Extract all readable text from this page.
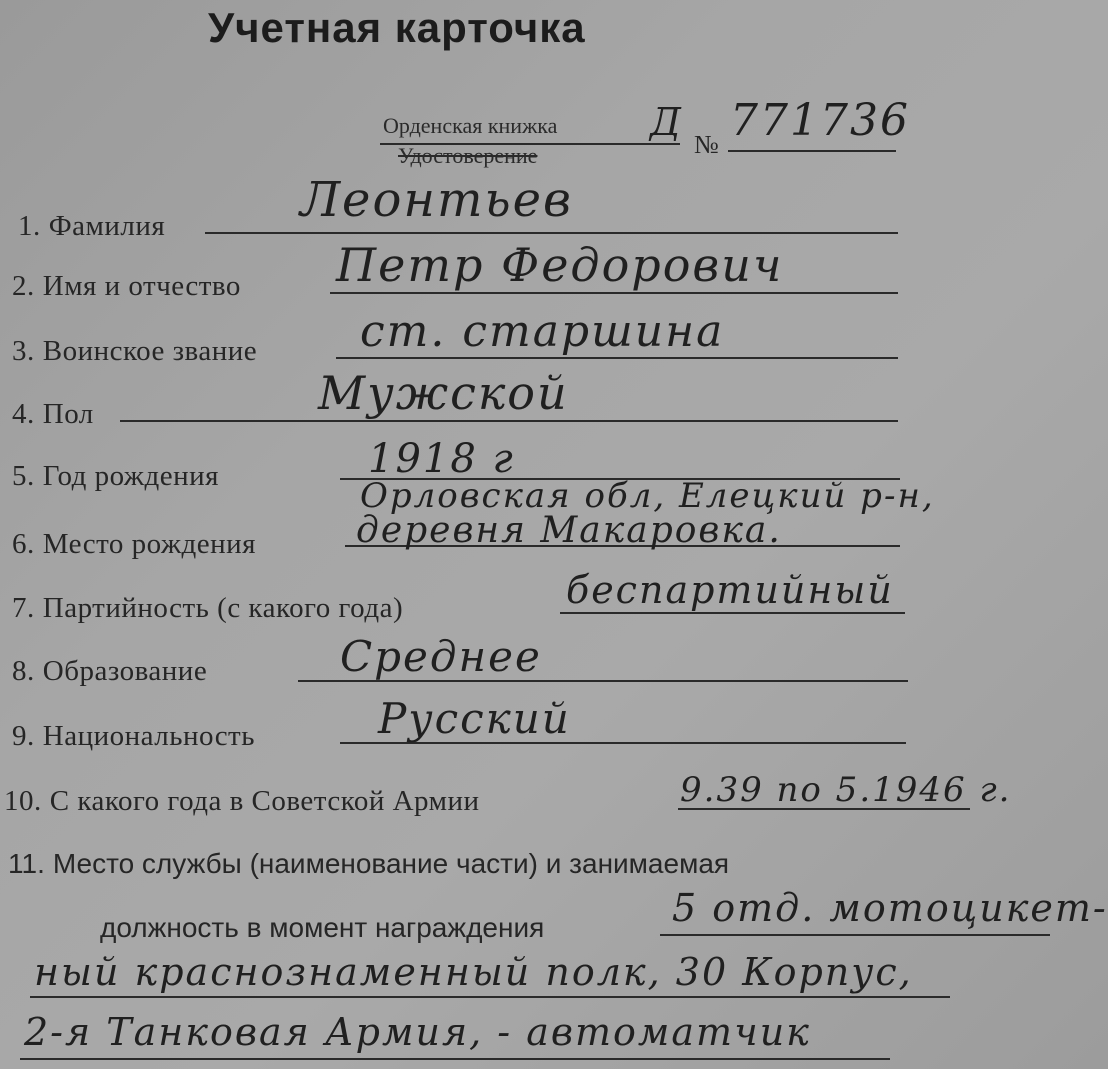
Учетная карточка
Орденская книжка Д
Удостоверение	№ 771736
1. Фамилия	Леонтьев
2. Имя и отчество Петр Федорович
3. Воинское звание ст. старшина
4. Пол	Мужской
5. Год рождения	1918 г
Орловская обл, Елецкий р-н,
6. Место рождения	деревня Макаровка.
7. Партийность (с какого года)	беспартийный
8. Образование	Среднее
9. Национальность	Русский
10. С какого года в Советской Армии	9.39 по 5.1946 г.
11. Место службы (наименование части) и занимаемая
должность в момент награждения	5 отд. мотоцикет-
ный краснознаменный полк, 30 Корпус,
2-я Танковая Армия, - автоматчик
